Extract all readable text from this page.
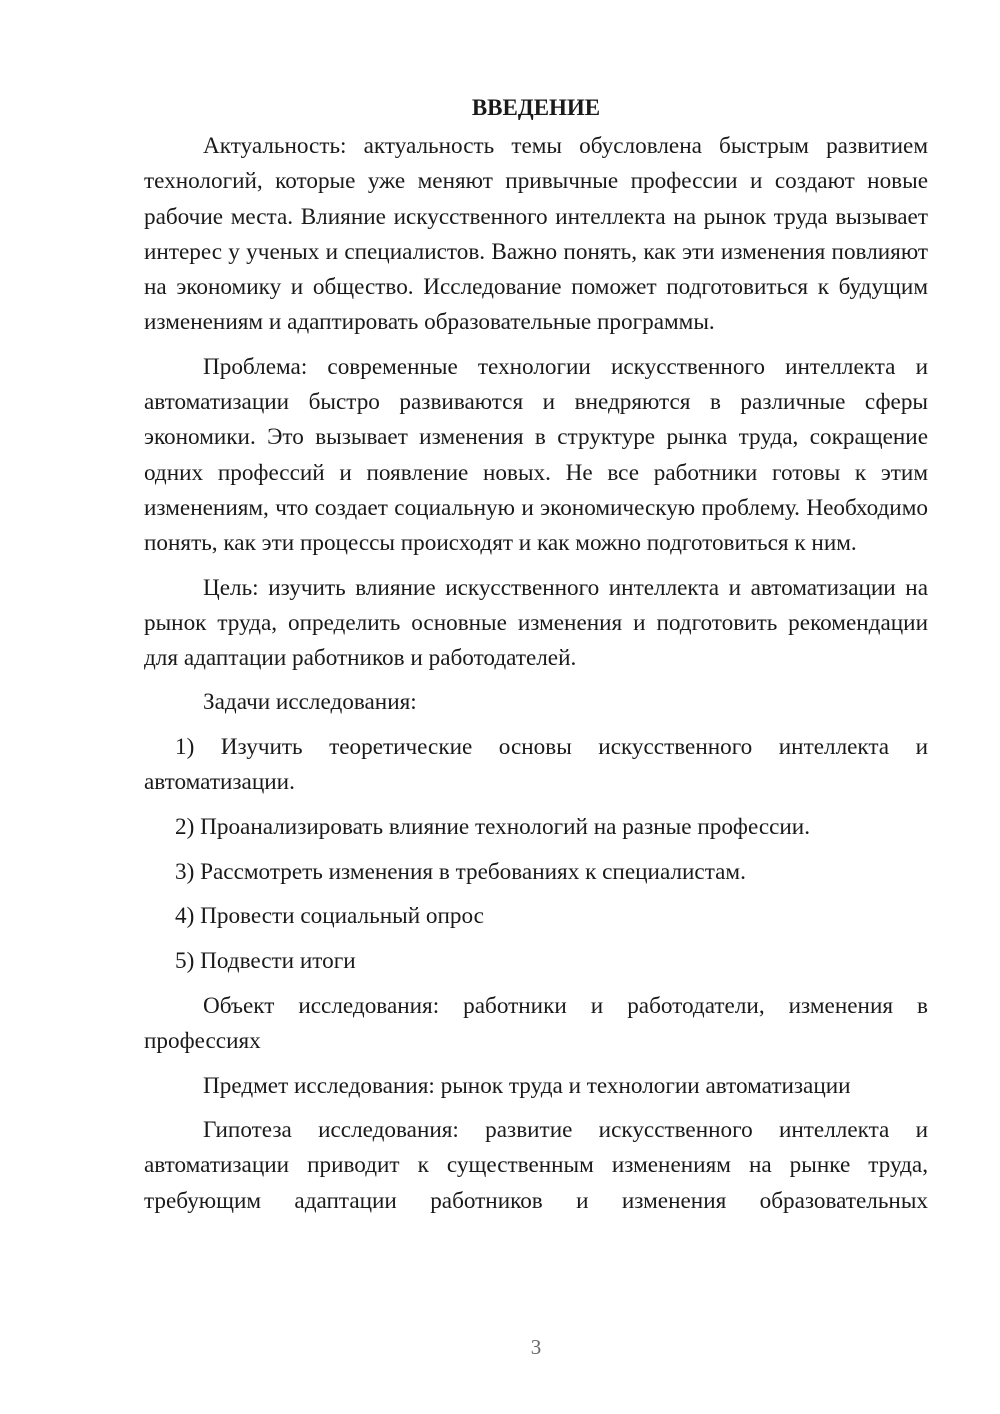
ВВЕДЕНИЕ

Актуальность: актуальность темы обусловлена быстрым развитием технологий, которые уже меняют привычные профессии и создают новые рабочие места. Влияние искусственного интеллекта на рынок труда вызывает интерес у ученых и специалистов. Важно понять, как эти изменения повлияют на экономику и общество. Исследование поможет подготовиться к будущим изменениям и адаптировать образовательные программы.

Проблема: современные технологии искусственного интеллекта и автоматизации быстро развиваются и внедряются в различные сферы экономики. Это вызывает изменения в структуре рынка труда, сокращение одних профессий и появление новых. Не все работники готовы к этим изменениям, что создает социальную и экономическую проблему. Необходимо понять, как эти процессы происходят и как можно подготовиться к ним.

Цель: изучить влияние искусственного интеллекта и автоматизации на рынок труда, определить основные изменения и подготовить рекомендации для адаптации работников и работодателей.

Задачи исследования:

1) Изучить теоретические основы искусственного интеллекта и автоматизации.

2) Проанализировать влияние технологий на разные профессии.

3) Рассмотреть изменения в требованиях к специалистам.

4) Провести социальный опрос

5) Подвести итоги

Объект исследования: работники и работодатели, изменения в профессиях

Предмет исследования: рынок труда и технологии автоматизации

Гипотеза исследования: развитие искусственного интеллекта и автоматизации приводит к существенным изменениям на рынке труда, требующим адаптации работников и изменения образовательных

3
